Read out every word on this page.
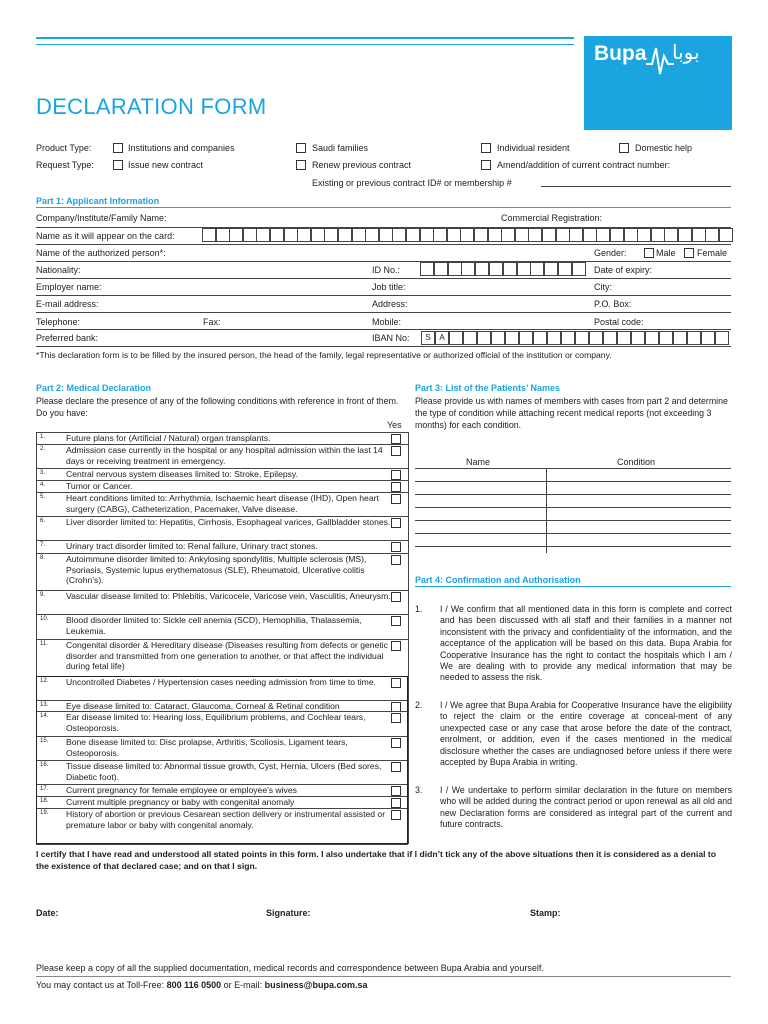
Bupa بوبا
DECLARATION FORM
Product Type:	Institutions and companies	Saudi families	Individual resident	Domestic help
Request Type:	Issue new contract	Renew previous contract	Amend/addition of current contract number:
Existing or previous contract ID# or membership #
Part 1: Applicant Information
Company/Institute/Family Name:	Commercial Registration:
Name as it will appear on the card:
Name of the authorized person*:	Gender:	Male Female
Nationality:	ID No.:	Date of expiry:
Employer name:	Job title:	City:
E-mail address:	Address:	P.O. Box:
Telephone:	Fax:	Mobile:	Postal code:
Preferred bank:	IBAN No:	S	A
*This declaration form is to be filled by the insured person, the head of the family, legal representative or authorized official of the institution or company.
Part 2: Medical Declaration
Please declare the presence of any of the following conditions with reference in front of them. Do you have:
Yes
1. Future plans for (Artificial / Natural) organ transplants.
2. Admission case currently in the hospital or any hospital admission within the last 14 days or receiving treatment in emergency.
3. Central nervous system diseases limited to: Stroke, Epilepsy.
4. Tumor or Cancer.
5. Heart conditions limited to: Arrhythmia, Ischaemic heart disease (IHD), Open heart surgery (CABG), Catheterization, Pacemaker, Valve disease.
6. Liver disorder limited to: Hepatitis, Cirrhosis, Esophageal varices, Gallbladder stones.
7. Urinary tract disorder limited to: Renal failure, Urinary tract stones.
8. Autoimmune disorder limited to: Ankylosing spondylitis, Multiple sclerosis (MS), Psoriasis, Systemic lupus erythematosus (SLE), Rheumatoid, Ulcerative colitis (Crohn’s).
9. Vascular disease limited to: Phlebitis, Varicocele, Varicose vein, Vasculitis, Aneurysm.
10. Blood disorder limited to: Sickle cell anemia (SCD), Hemophilia, Thalassemia, Leukemia.
11. Congenital disorder & Hereditary disease (Diseases resulting from defects or genetic disorder and transmitted from one generation to another, or that affect the individual during fetal life)
12. Uncontrolled Diabetes / Hypertension cases needing admission from time to time.
13. Eye disease limited to: Cataract, Glaucoma, Corneal & Retinal condition
14. Ear disease limited to: Hearing loss, Equilibrium problems, and Cochlear tears, Osteoporosis.
15. Bone disease limited to: Disc prolapse, Arthritis, Scoliosis, Ligament tears, Osteoporosis.
16. Tissue disease limited to: Abnormal tissue growth, Cyst, Hernia, Ulcers (Bed sores, Diabetic foot).
17. Current pregnancy for female employee or employee's wives
18. Current multiple pregnancy or baby with congenital anomaly
19. History of abortion or previous Cesarean section delivery or instrumental assisted or premature labor or baby with congenital anomaly.
Part 3: List of the Patients’ Names
Please provide us with names of members with cases from part 2 and determine the type of condition while attaching recent medical reports (not exceeding 3 months) for each condition.
Name	Condition
Part 4: Confirmation and Authorisation
1. I / We confirm that all mentioned data in this form is complete and correct and has been discussed with all staff and their families in a manner not inconsistent with the privacy and confidentiality of the information, and the acceptance of the application will be based on this data. Bupa Arabia for Cooperative Insurance has the right to contact the hospitals which I am / We are dealing with to provide any medical information that may be needed to assess the risk.
2. I / We agree that Bupa Arabia for Cooperative Insurance have the eligibility to reject the claim or the entire coverage at conceal-ment of any unexpected case or any case that arose before the date of the contract, enrolment, or addition, even if the cases mentioned in the medical disclosure whether the cases are undiagnosed before unless if there were accepted by Bupa Arabia in writing.
3. I / We undertake to perform similar declaration in the future on members who will be added during the contract period or upon renewal as all old and new Declaration forms are considered as integral part of the current and future contracts.
I certify that I have read and understood all stated points in this form. I also undertake that if I didn’t tick any of the above situations then it is considered as a denial to the existence of that declared case; and on that I sign.
Date:	Signature:	Stamp:
Please keep a copy of all the supplied documentation, medical records and correspondence between Bupa Arabia and yourself.
You may contact us at Toll-Free: 800 116 0500 or E-mail: business@bupa.com.sa
